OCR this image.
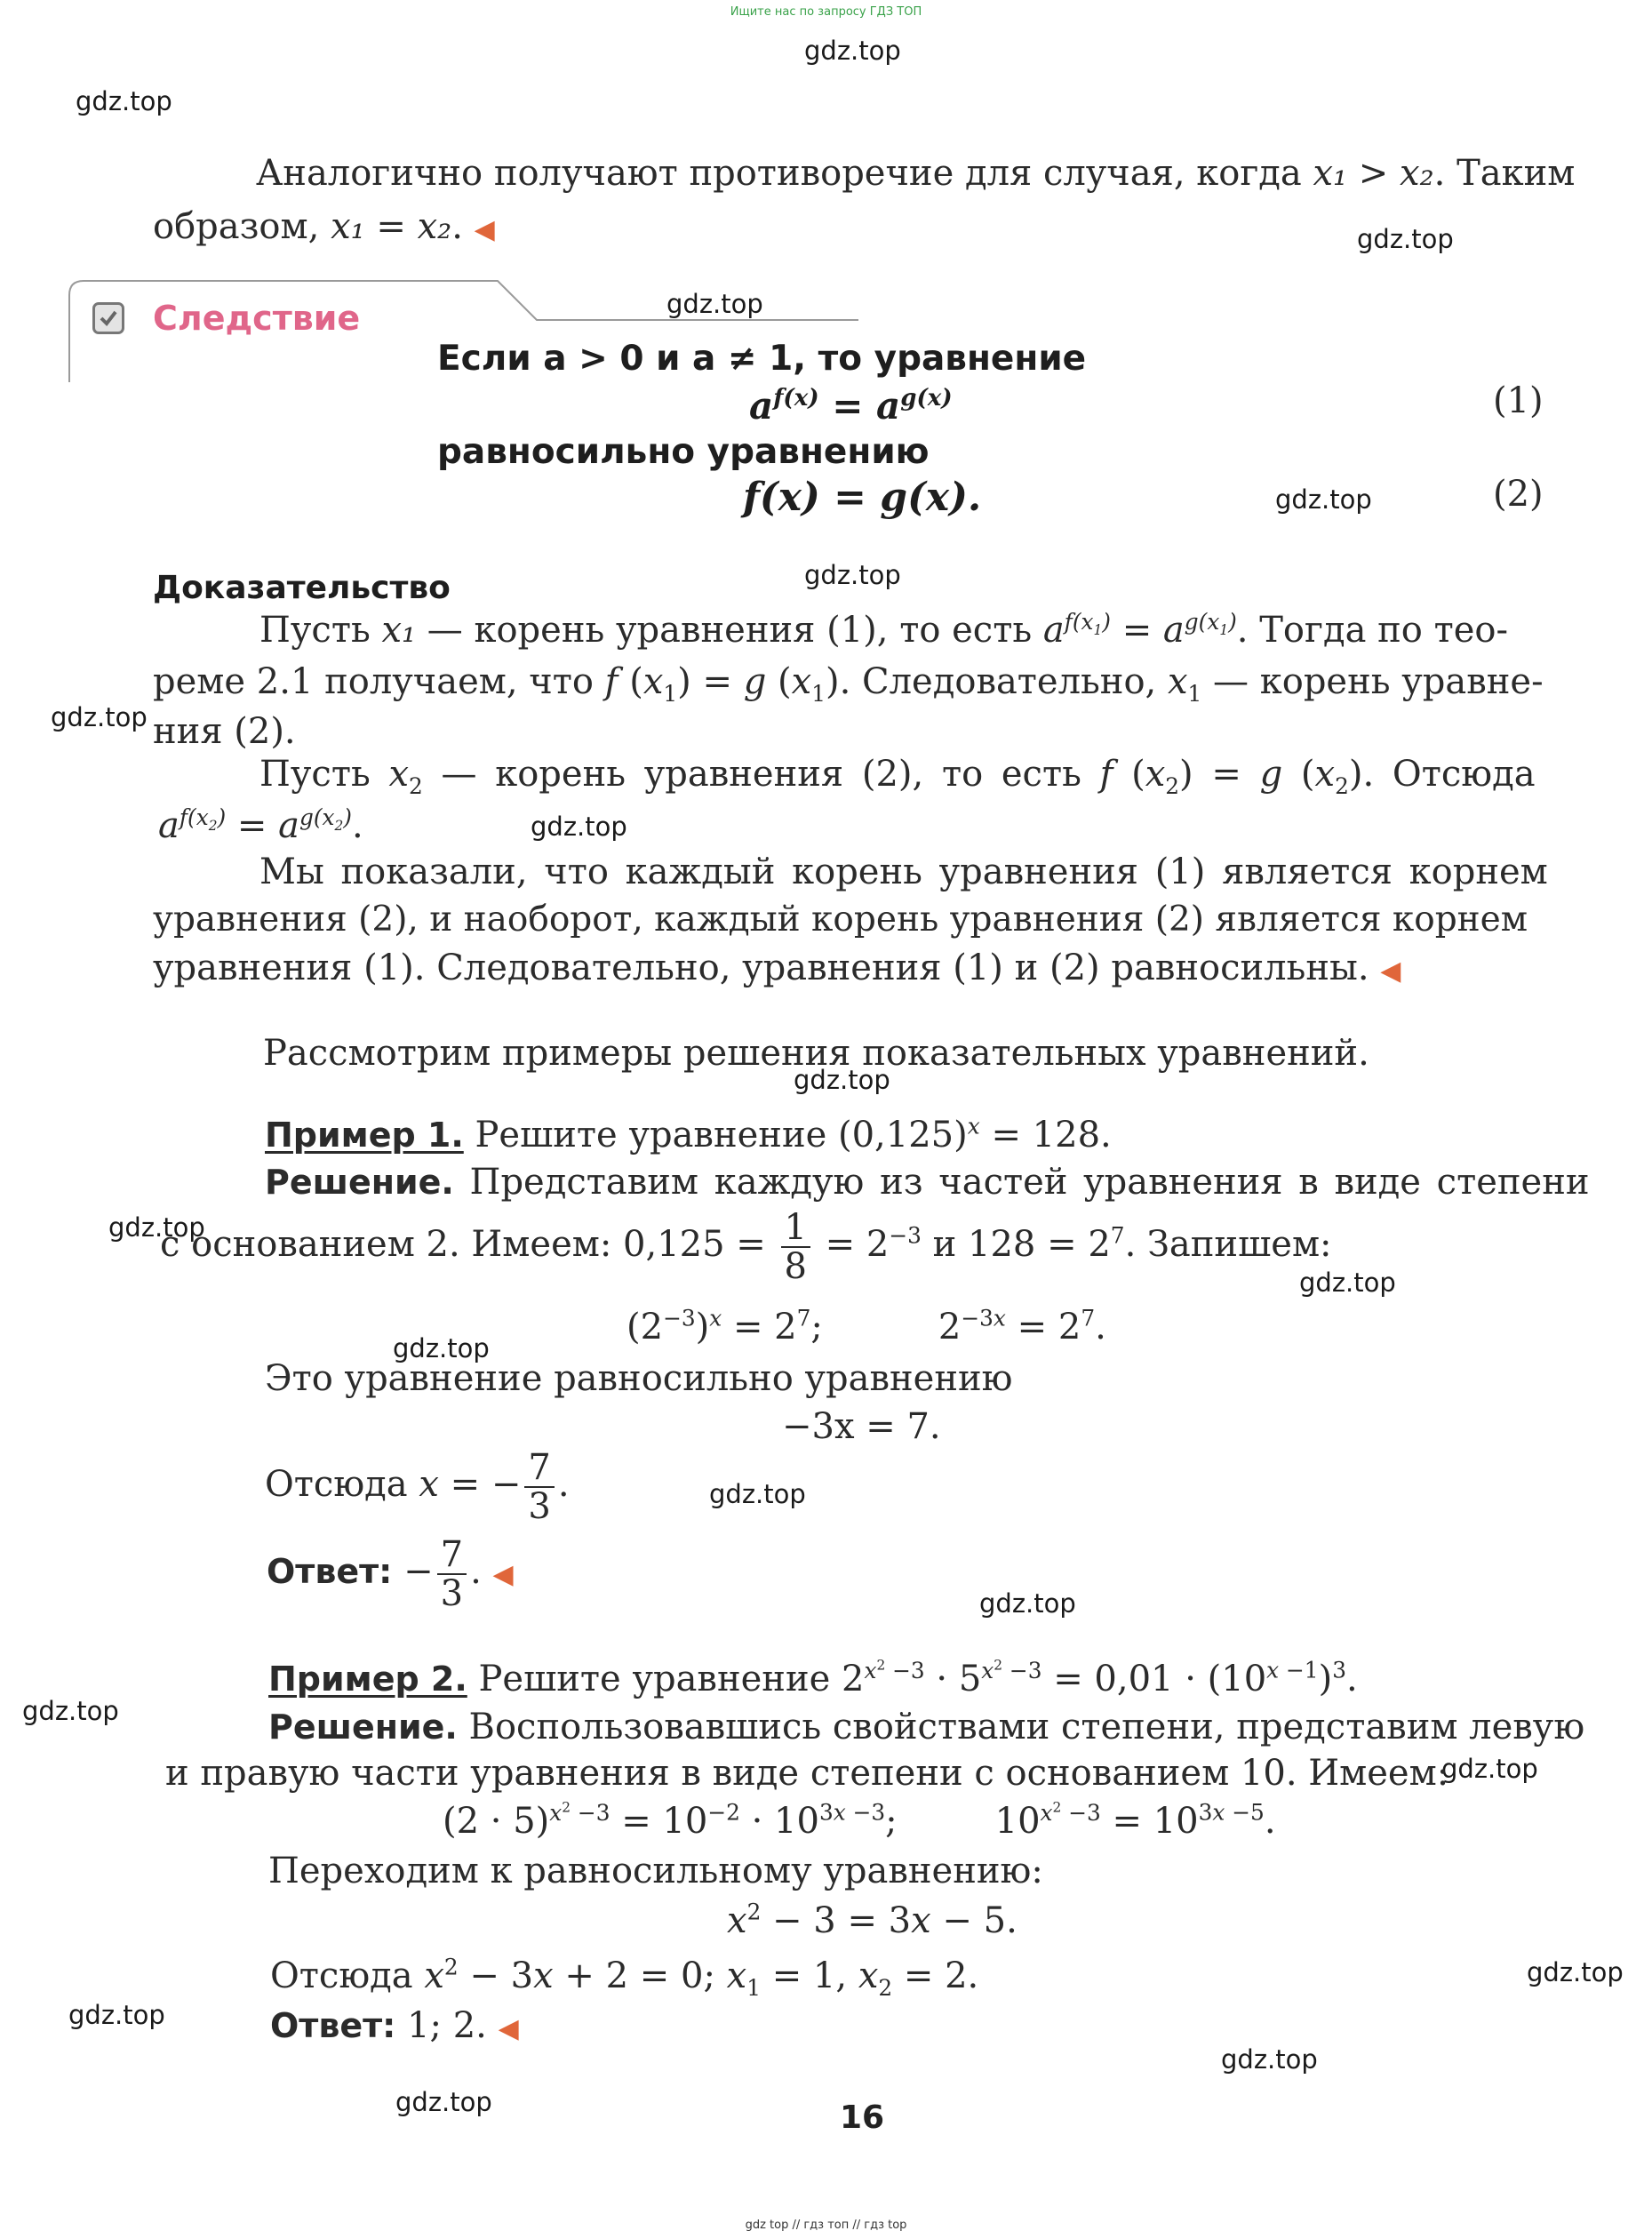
Ищите нас по запросу ГДЗ ТОП
gdz.top
gdz.top
gdz.top
gdz.top
gdz.top
gdz.top
gdz.top
gdz.top
gdz.top
gdz.top
gdz.top
gdz.top
gdz.top
gdz.top
gdz.top
gdz.top
gdz.top
gdz.top
gdz.top
gdz.top
Аналогично получают противоречие для случая, когда x₁ > x₂. Таким
образом, x₁ = x₂. ◀
Следствие
Если a > 0 и a ≠ 1, то уравнение
$a^{f(x)} = a^{g(x)}$	(1)
равносильно уравнению
f(x) = g(x).	(2)
Доказательство
Пусть x₁ — корень уравнения (1), то есть $a^{f(x_1)} = a^{g(x_1)}$. Тогда по тео-
реме 2.1 получаем, что f $(x_1) = g$ $(x_1)$. Следовательно, $x_1$ — корень уравне-
ния (2).
Пусть $x_2$ — корень уравнения (2), то есть f $(x_2) = g$ $(x_2)$. Отсюда
$a^{f(x_2)} = a^{g(x_2)}$.
Мы показали, что каждый корень уравнения (1) является корнем
уравнения (2), и наоборот, каждый корень уравнения (2) является корнем
уравнения (1). Следовательно, уравнения (1) и (2) равносильны. ◀
Рассмотрим примеры решения показательных уравнений.
Пример 1. Решите уравнение $(0,125)^x = 128$.
Решение. Представим каждую из частей уравнения в виде степени
с основанием 2. Имеем: $0,125 = \frac{1}{8} = 2^{-3}$ и $128 = 2^7$. Запишем:
$(2^{-3})^x = 2^7$;	$2^{-3x} = 2^7$.
Это уравнение равносильно уравнению
−3x = 7.
Отсюда x = − $\frac{7}{3}$ .
Ответ: − $\frac{7}{3}$ . ◀
Пример 2. Решите уравнение $2^{x^2 -3} \cdot 5^{x^2 -3} = 0,01 \cdot (10^{x -1})^3$.
Решение. Воспользовавшись свойствами степени, представим левую
и правую части уравнения в виде степени с основанием 10. Имеем:
$(2 \cdot 5)^{x^2 -3} = 10^{-2} \cdot 10^{3x -3}$;	$10^{x^2 -3} = 10^{3x -5}$.
Переходим к равносильному уравнению:
$x^2 - 3 = 3x - 5$.
Отсюда $x^2 - 3x + 2 = 0$; $x_1 = 1$, $x_2 = 2$.
Ответ: 1; 2. ◀
16
gdz top // гдз топ // гдз top
